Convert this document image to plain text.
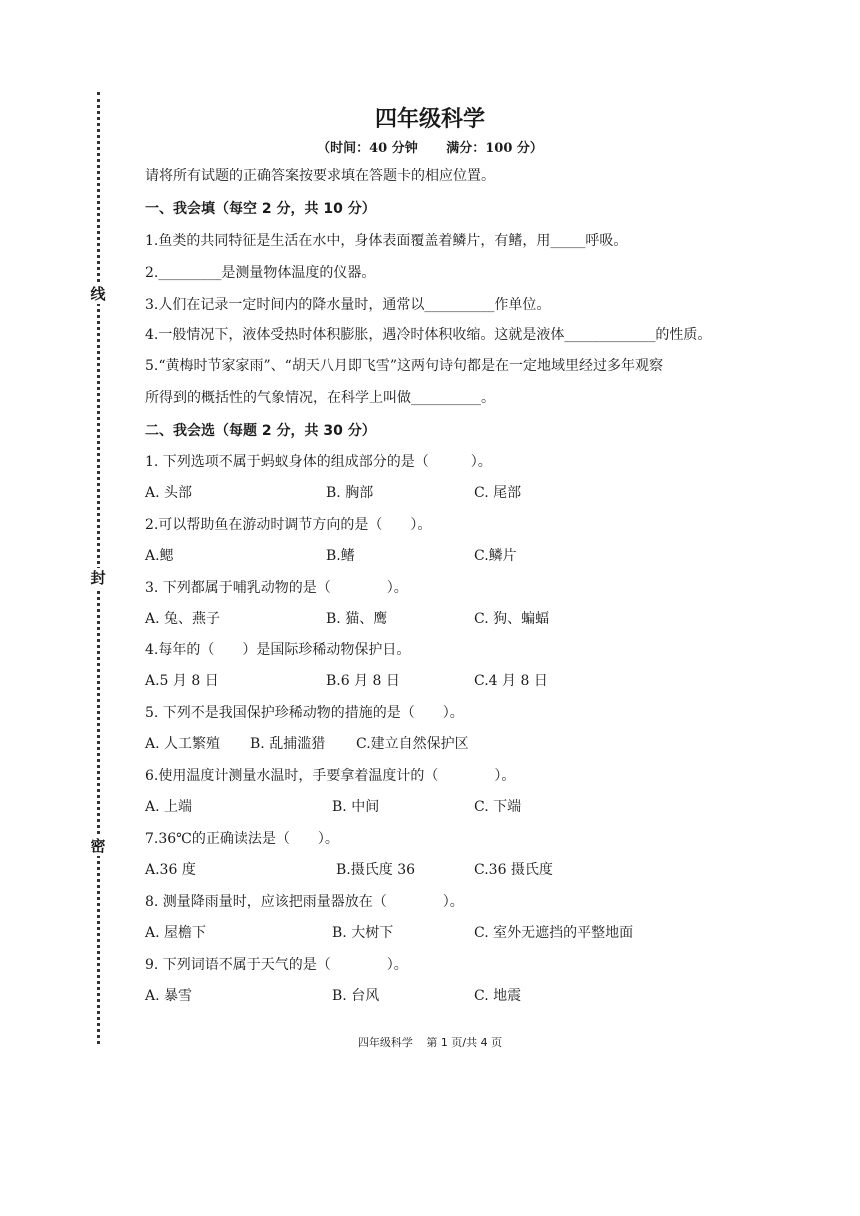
线
封
密
四年级科学
（时间：40 分钟 满分：100 分）
请将所有试题的正确答案按要求填在答题卡的相应位置。
一、我会填（每空 2 分，共 10 分）
1.鱼类的共同特征是生活在水中，身体表面覆盖着鳞片，有鳍，用_____呼吸。
2._________是测量物体温度的仪器。
3.人们在记录一定时间内的降水量时，通常以__________作单位。
4.一般情况下，液体受热时体积膨胀，遇冷时体积收缩。这就是液体_____________的性质。
5.“黄梅时节家家雨”、“胡天八月即飞雪”这两句诗句都是在一定地域里经过多年观察
所得到的概括性的气象情况，在科学上叫做__________。
二、我会选（每题 2 分，共 30 分）
1. 下列选项不属于蚂蚁身体的组成部分的是（　　　）。
A. 头部	B. 胸部	C. 尾部
2.可以帮助鱼在游动时调节方向的是（　　）。
A.鳃	B.鳍	C.鳞片
3. 下列都属于哺乳动物的是（　　　　）。
A. 兔、燕子	B. 猫、鹰	C. 狗、蝙蝠
4.每年的（　　）是国际珍稀动物保护日。
A.5 月 8 日	B.6 月 8 日	C.4 月 8 日
5. 下列不是我国保护珍稀动物的措施的是（　　）。
A. 人工繁殖 B. 乱捕滥猎 C.建立自然保护区
6.使用温度计测量水温时，手要拿着温度计的（　　　　）。
A. 上端	B. 中间	C. 下端
7.36℃的正确读法是（　　）。
A.36 度	B.摄氏度 36	C.36 摄氏度
8. 测量降雨量时，应该把雨量器放在（　　　　）。
A. 屋檐下	B. 大树下	C. 室外无遮挡的平整地面
9. 下列词语不属于天气的是（　　　　）。
A. 暴雪	B. 台风	C. 地震
四年级科学 第 1 页/共 4 页
